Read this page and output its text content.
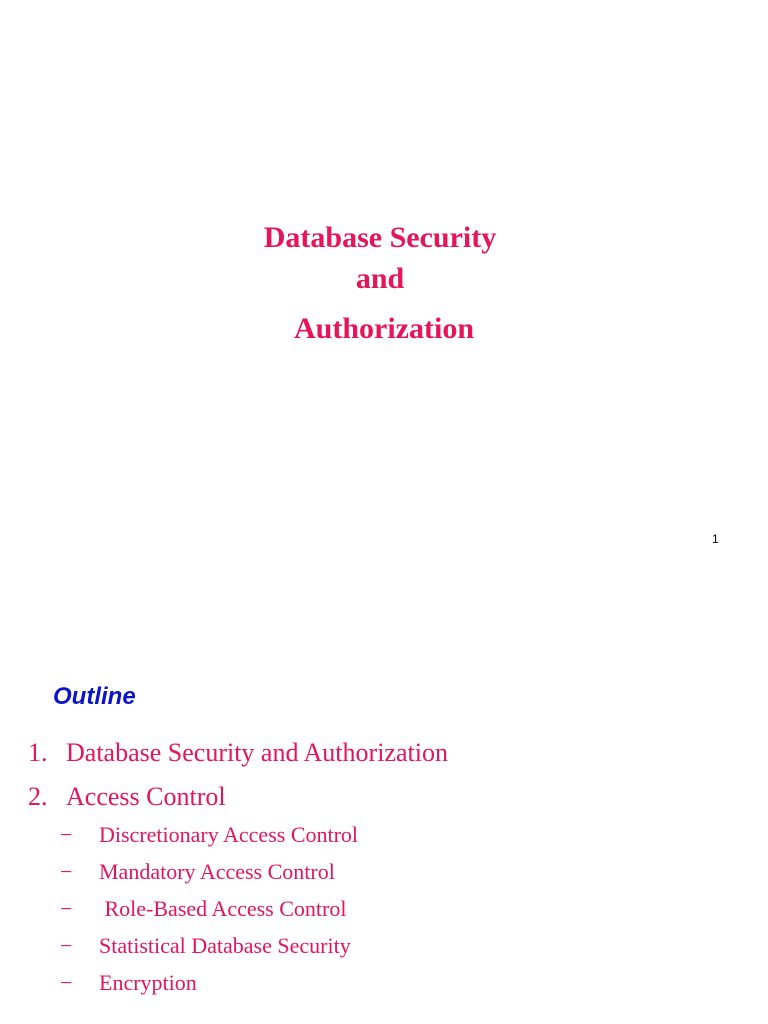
Database Security
and
Authorization
1
Outline
1. Database Security and Authorization
2. Access Control
− Discretionary Access Control
− Mandatory Access Control
− Role-Based Access Control
− Statistical Database Security
− Encryption
